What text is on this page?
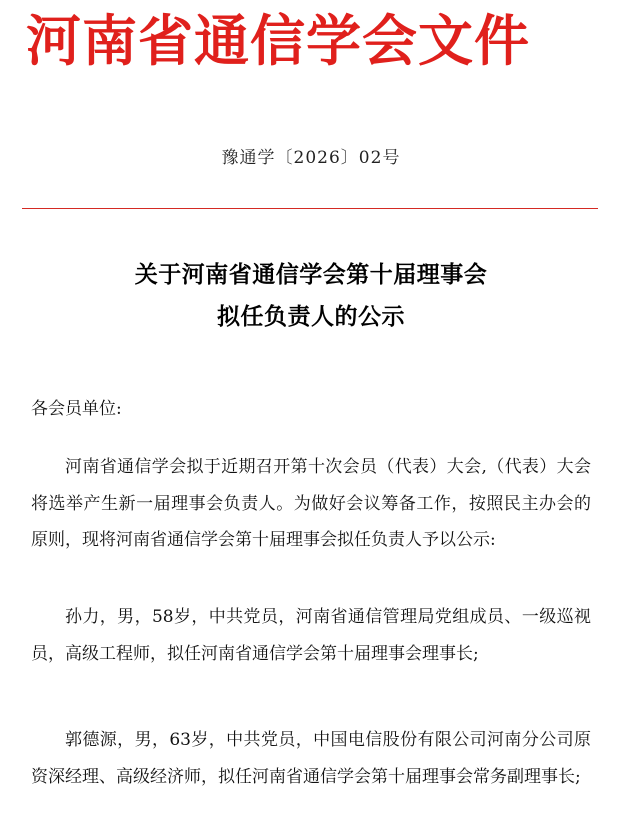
河南省通信学会文件
豫通学〔2026〕02号
关于河南省通信学会第十届理事会
拟任负责人的公示
各会员单位:
河南省通信学会拟于近期召开第十次会员（代表）大会,（代表）大会将选举产生新一届理事会负责人。为做好会议筹备工作，按照民主办会的原则，现将河南省通信学会第十届理事会拟任负责人予以公示:
孙力，男，58岁，中共党员，河南省通信管理局党组成员、一级巡视员，高级工程师，拟任河南省通信学会第十届理事会理事长;
郭德源，男，63岁，中共党员，中国电信股份有限公司河南分公司原资深经理、高级经济师，拟任河南省通信学会第十届理事会常务副理事长;
